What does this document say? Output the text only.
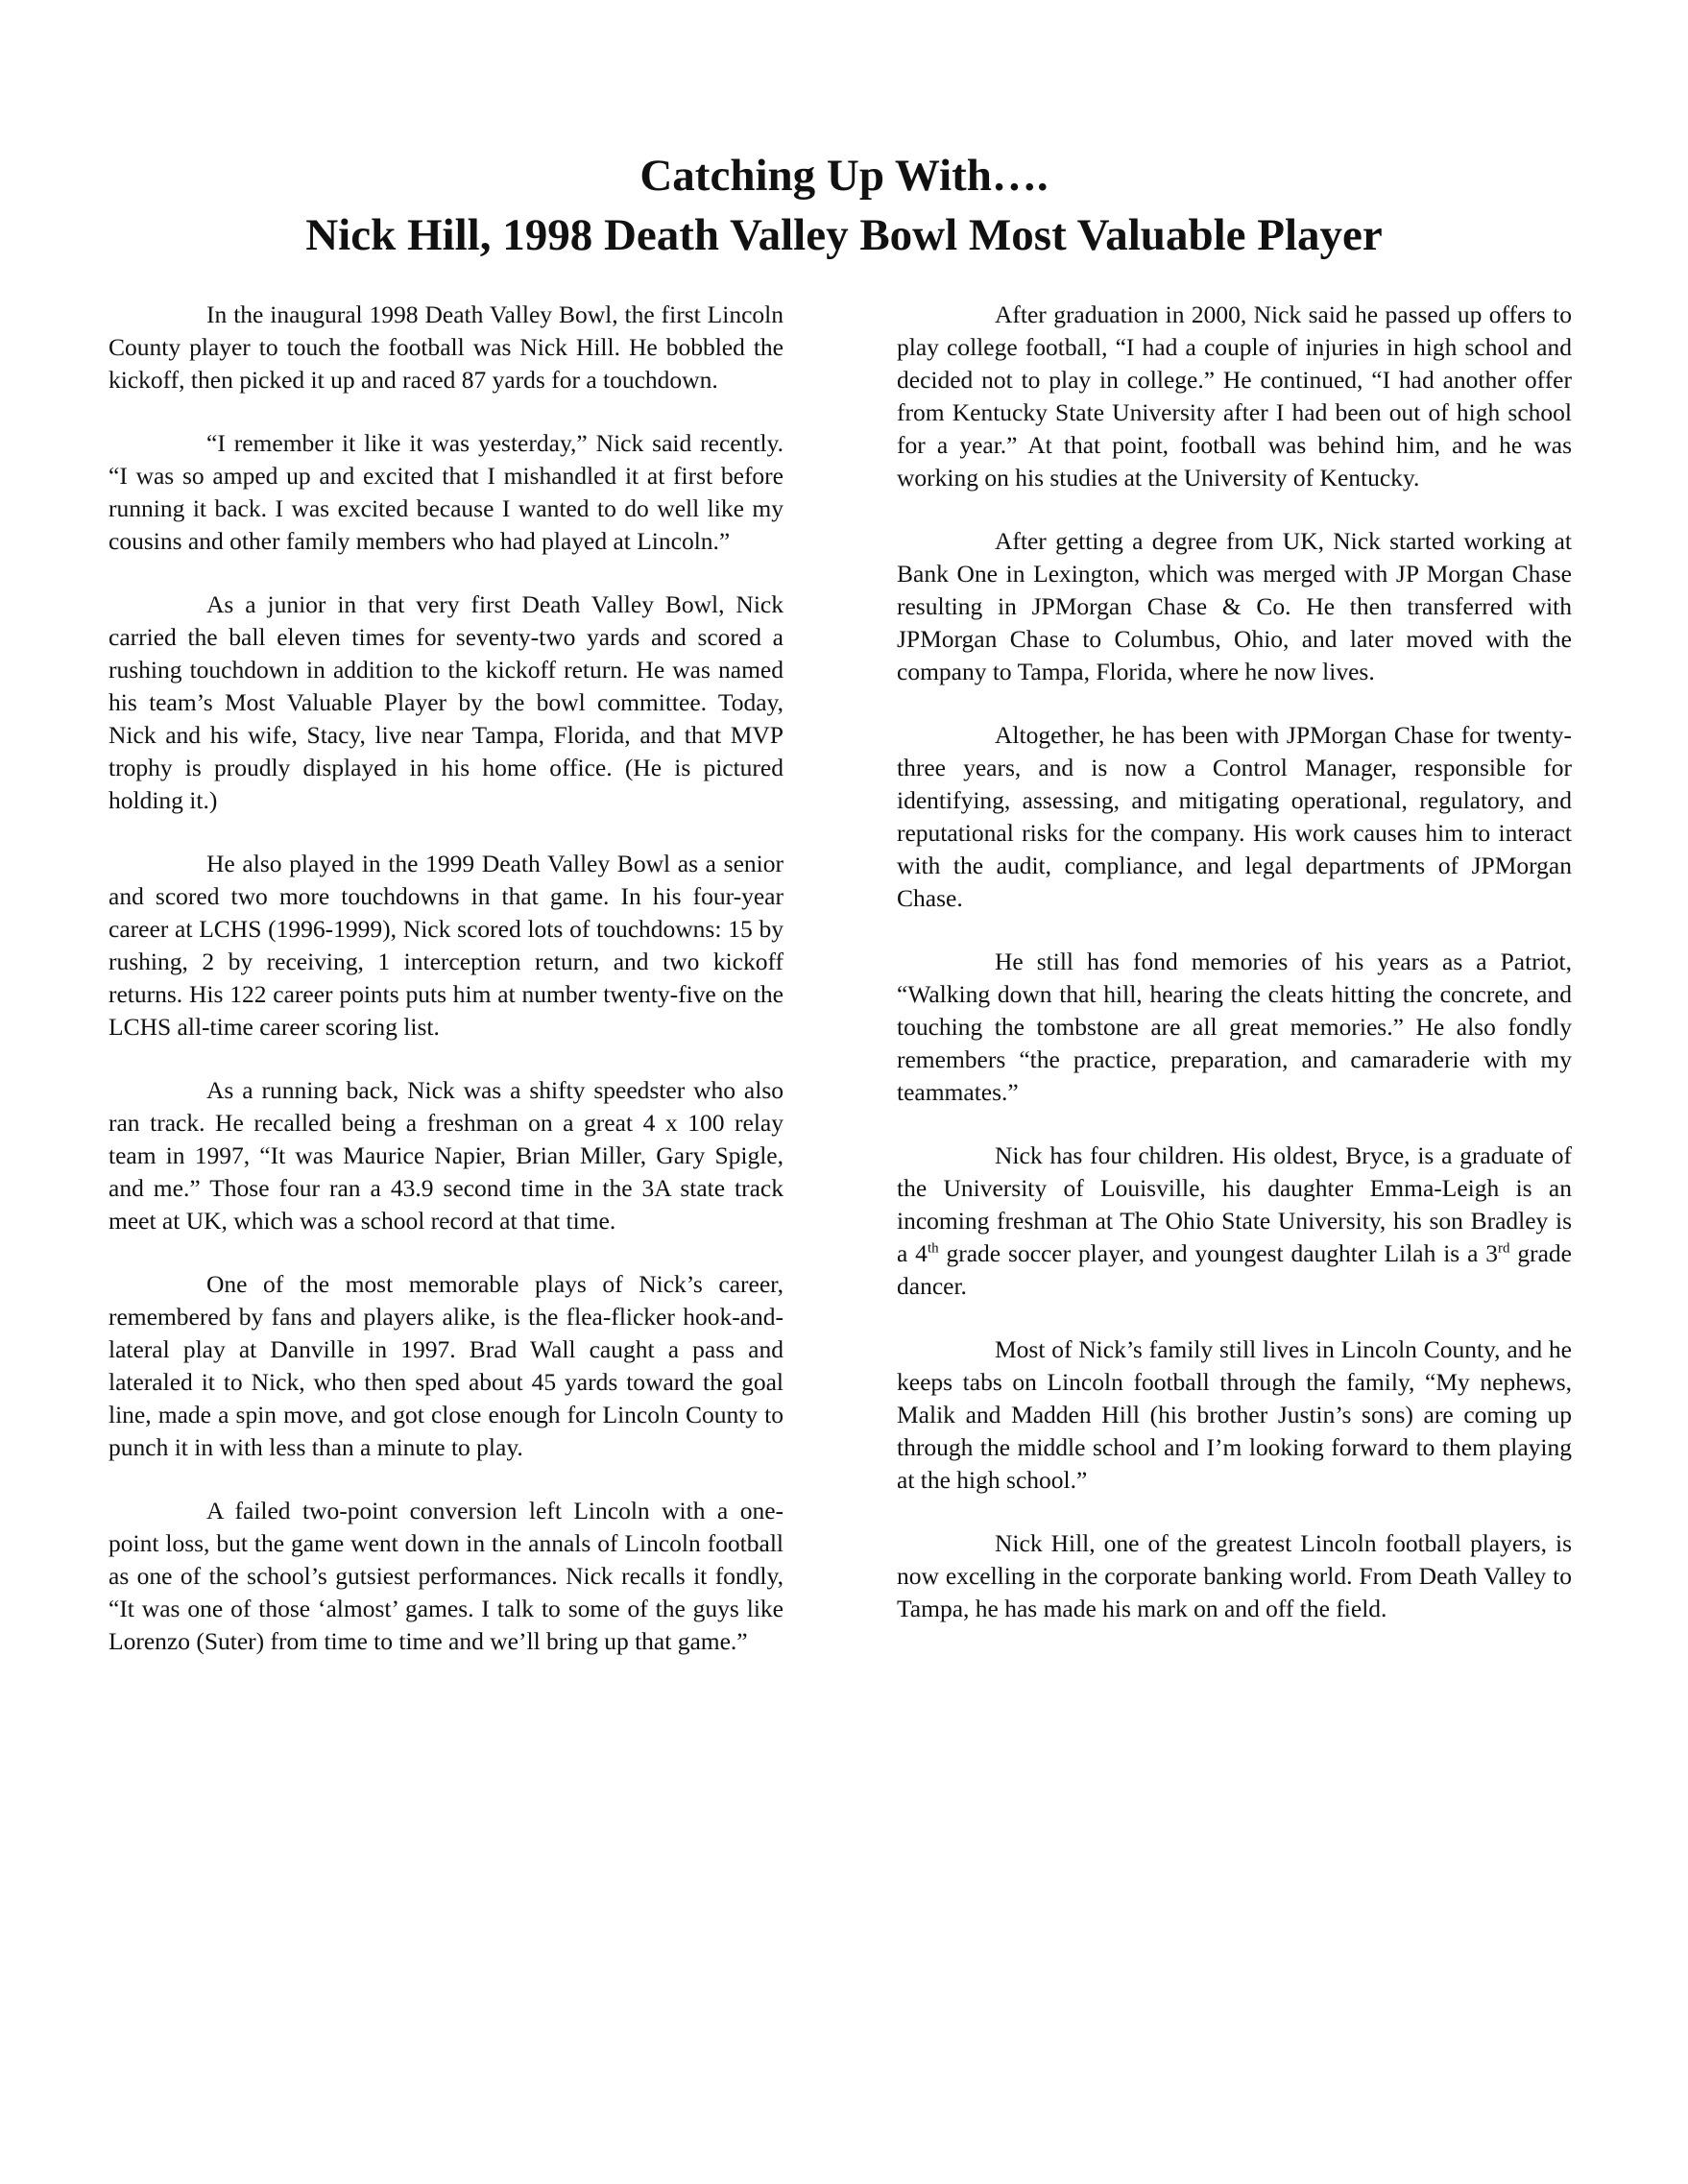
Catching Up With….
Nick Hill, 1998 Death Valley Bowl Most Valuable Player

In the inaugural 1998 Death Valley Bowl, the first Lincoln County player to touch the football was Nick Hill. He bobbled the kickoff, then picked it up and raced 87 yards for a touchdown.

“I remember it like it was yesterday,” Nick said recently. “I was so amped up and excited that I mishandled it at first before running it back. I was excited because I wanted to do well like my cousins and other family members who had played at Lincoln.”

As a junior in that very first Death Valley Bowl, Nick carried the ball eleven times for seventy-two yards and scored a rushing touchdown in addition to the kickoff return. He was named his team’s Most Valuable Player by the bowl committee. Today, Nick and his wife, Stacy, live near Tampa, Florida, and that MVP trophy is proudly displayed in his home office. (He is pictured holding it.)

He also played in the 1999 Death Valley Bowl as a senior and scored two more touchdowns in that game. In his four-year career at LCHS (1996-1999), Nick scored lots of touchdowns: 15 by rushing, 2 by receiving, 1 interception return, and two kickoff returns. His 122 career points puts him at number twenty-five on the LCHS all-time career scoring list.

As a running back, Nick was a shifty speedster who also ran track. He recalled being a freshman on a great 4 x 100 relay team in 1997, “It was Maurice Napier, Brian Miller, Gary Spigle, and me.” Those four ran a 43.9 second time in the 3A state track meet at UK, which was a school record at that time.

One of the most memorable plays of Nick’s career, remembered by fans and players alike, is the flea-flicker hook-and-lateral play at Danville in 1997. Brad Wall caught a pass and lateraled it to Nick, who then sped about 45 yards toward the goal line, made a spin move, and got close enough for Lincoln County to punch it in with less than a minute to play.

A failed two-point conversion left Lincoln with a one-point loss, but the game went down in the annals of Lincoln football as one of the school’s gutsiest performances. Nick recalls it fondly, “It was one of those ‘almost’ games. I talk to some of the guys like Lorenzo (Suter) from time to time and we’ll bring up that game.”

After graduation in 2000, Nick said he passed up offers to play college football, “I had a couple of injuries in high school and decided not to play in college.” He continued, “I had another offer from Kentucky State University after I had been out of high school for a year.” At that point, football was behind him, and he was working on his studies at the University of Kentucky.

After getting a degree from UK, Nick started working at Bank One in Lexington, which was merged with JP Morgan Chase resulting in JPMorgan Chase & Co. He then transferred with JPMorgan Chase to Columbus, Ohio, and later moved with the company to Tampa, Florida, where he now lives.

Altogether, he has been with JPMorgan Chase for twenty-three years, and is now a Control Manager, responsible for identifying, assessing, and mitigating operational, regulatory, and reputational risks for the company. His work causes him to interact with the audit, compliance, and legal departments of JPMorgan Chase.

He still has fond memories of his years as a Patriot, “Walking down that hill, hearing the cleats hitting the concrete, and touching the tombstone are all great memories.” He also fondly remembers “the practice, preparation, and camaraderie with my teammates.”

Nick has four children. His oldest, Bryce, is a graduate of the University of Louisville, his daughter Emma-Leigh is an incoming freshman at The Ohio State University, his son Bradley is a 4th grade soccer player, and youngest daughter Lilah is a 3rd grade dancer.

Most of Nick’s family still lives in Lincoln County, and he keeps tabs on Lincoln football through the family, “My nephews, Malik and Madden Hill (his brother Justin’s sons) are coming up through the middle school and I’m looking forward to them playing at the high school.”

Nick Hill, one of the greatest Lincoln football players, is now excelling in the corporate banking world. From Death Valley to Tampa, he has made his mark on and off the field.
